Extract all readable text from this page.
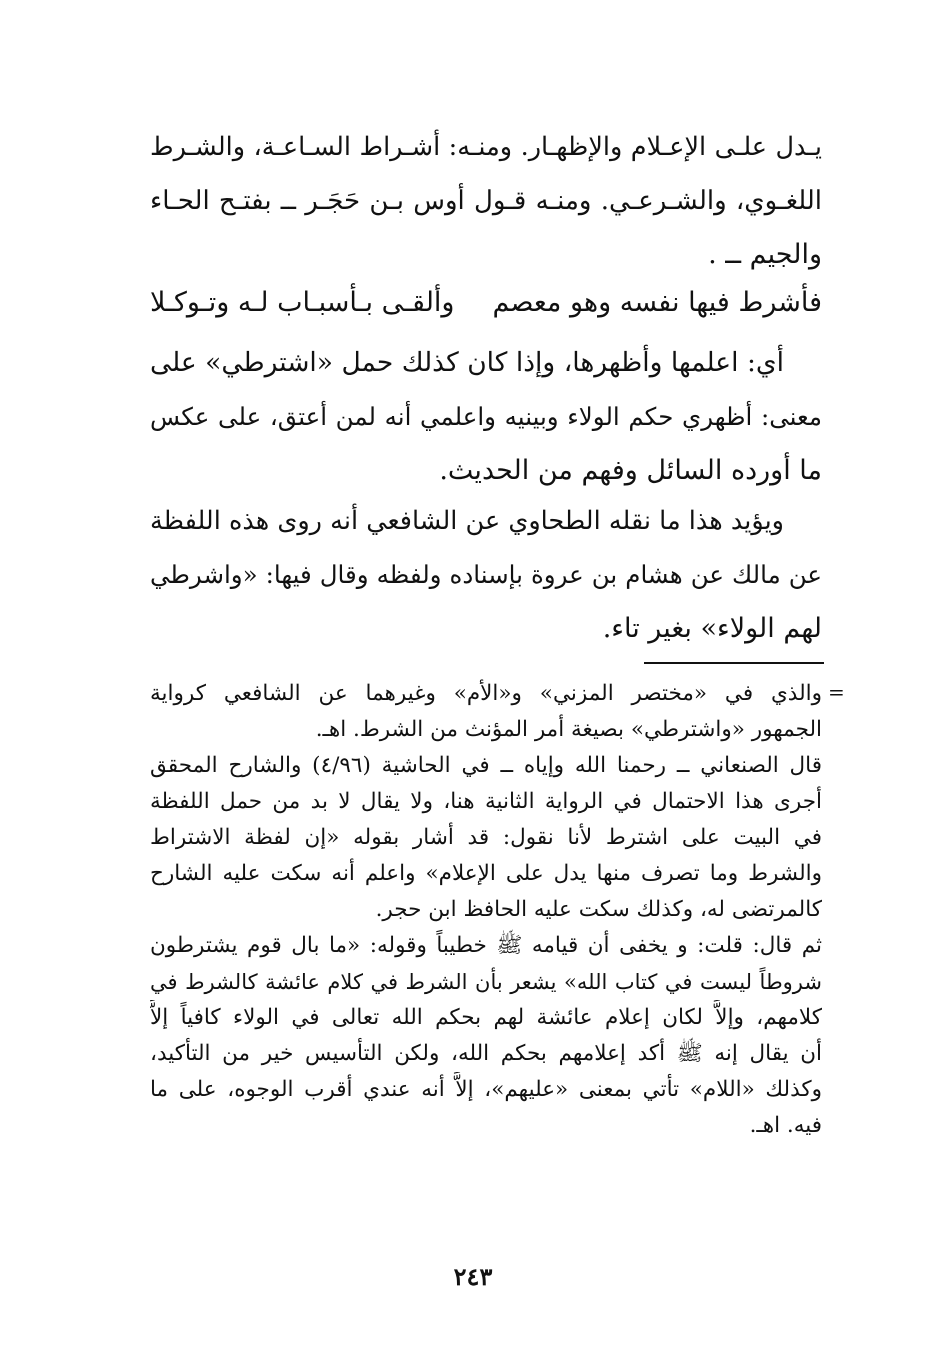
يـدل علـى الإعـلام والإظهـار. ومنـه: أشـراط السـاعـة، والشـرط
اللغـوي، والشـرعـي. ومنـه قـول أوس بـن حَجَـر ــ بفتـح الحـاء
والجيم ــ .
فأشرط فيها نفسه وهو معصم
وألقـى بـأسبـاب لـه وتـوكـلا
أي: اعلمها وأظهرها، وإذا كان كذلك حمل «اشترطي» على
معنى: أظهري حكم الولاء وبينيه واعلمي أنه لمن أعتق، على عكس
ما أورده السائل وفهم من الحديث.
ويؤيد هذا ما نقله الطحاوي عن الشافعي أنه روى هذه اللفظة
عن مالك عن هشام بن عروة بإسناده ولفظه وقال فيها: «واشرطي
لهم الولاء» بغير تاء.
=
والذي في «مختصر المزني» و«الأم» وغيرهما عن الشافعي كرواية
الجمهور «واشترطي» بصيغة أمر المؤنث من الشرط. اهـ.
قال الصنعاني ــ رحمنا الله وإياه ــ في الحاشية (٤/٩٦) والشارح المحقق
أجرى هذا الاحتمال في الرواية الثانية هنا، ولا يقال لا بد من حمل اللفظة
في البيت على اشترط لأنا نقول: قد أشار بقوله «إن لفظة الاشتراط
والشرط وما تصرف منها يدل على الإعلام» واعلم أنه سكت عليه الشارح
كالمرتضى له، وكذلك سكت عليه الحافظ ابن حجر.
ثم قال: قلت: و يخفى أن قيامه ﷺ خطيباً وقوله: «ما بال قوم يشترطون
شروطاً ليست في كتاب الله» يشعر بأن الشرط في كلام عائشة كالشرط في
كلامهم، وإلاَّ لكان إعلام عائشة لهم بحكم الله تعالى في الولاء كافياً إلاَّ
أن يقال إنه ﷺ أكد إعلامهم بحكم الله، ولكن التأسيس خير من التأكيد،
وكذلك «اللام» تأتي بمعنى «عليهم»، إلاَّ أنه عندي أقرب الوجوه، على ما
فيه. اهـ.
٢٤٣
